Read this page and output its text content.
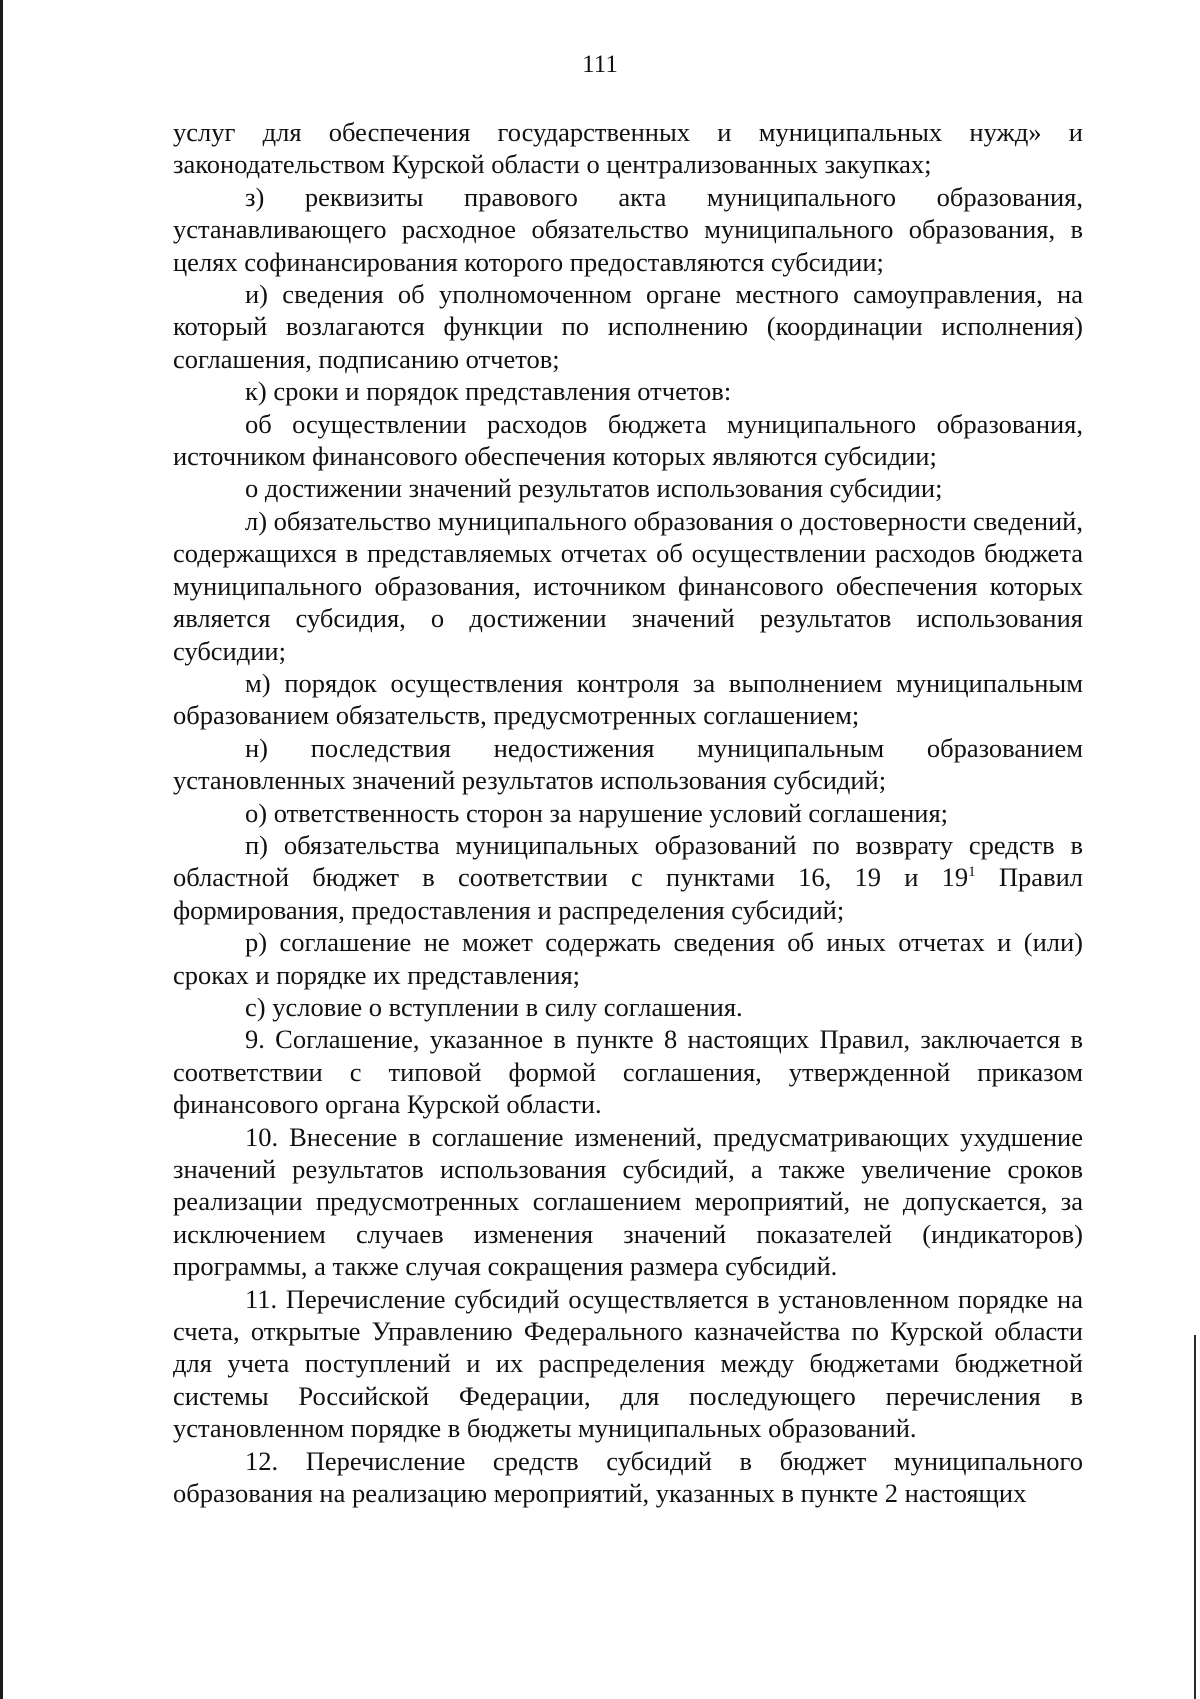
111

услуг для обеспечения государственных и муниципальных нужд» и законодательством Курской области о централизованных закупках;

з) реквизиты правового акта муниципального образования, устанавливающего расходное обязательство муниципального образования, в целях софинансирования которого предоставляются субсидии;

и) сведения об уполномоченном органе местного самоуправления, на который возлагаются функции по исполнению (координации исполнения) соглашения, подписанию отчетов;

к) сроки и порядок представления отчетов:

об осуществлении расходов бюджета муниципального образования, источником финансового обеспечения которых являются субсидии;

о достижении значений результатов использования субсидии;

л) обязательство муниципального образования о достоверности сведений, содержащихся в представляемых отчетах об осуществлении расходов бюджета муниципального образования, источником финансового обеспечения которых является субсидия, о достижении значений результатов использования субсидии;

м) порядок осуществления контроля за выполнением муниципальным образованием обязательств, предусмотренных соглашением;

н) последствия недостижения муниципальным образованием установленных значений результатов использования субсидий;

о) ответственность сторон за нарушение условий соглашения;

п) обязательства муниципальных образований по возврату средств в областной бюджет в соответствии с пунктами 16, 19 и $19^1$ Правил формирования, предоставления и распределения субсидий;

р) соглашение не может содержать сведения об иных отчетах и (или) сроках и порядке их представления;

с) условие о вступлении в силу соглашения.

9. Соглашение, указанное в пункте 8 настоящих Правил, заключается в соответствии с типовой формой соглашения, утвержденной приказом финансового органа Курской области.

10. Внесение в соглашение изменений, предусматривающих ухудшение значений результатов использования субсидий, а также увеличение сроков реализации предусмотренных соглашением мероприятий, не допускается, за исключением случаев изменения значений показателей (индикаторов) программы, а также случая сокращения размера субсидий.

11. Перечисление субсидий осуществляется в установленном порядке на счета, открытые Управлению Федерального казначейства по Курской области для учета поступлений и их распределения между бюджетами бюджетной системы Российской Федерации, для последующего перечисления в установленном порядке в бюджеты муниципальных образований.

12. Перечисление средств субсидий в бюджет муниципального образования на реализацию мероприятий, указанных в пункте 2 настоящих
